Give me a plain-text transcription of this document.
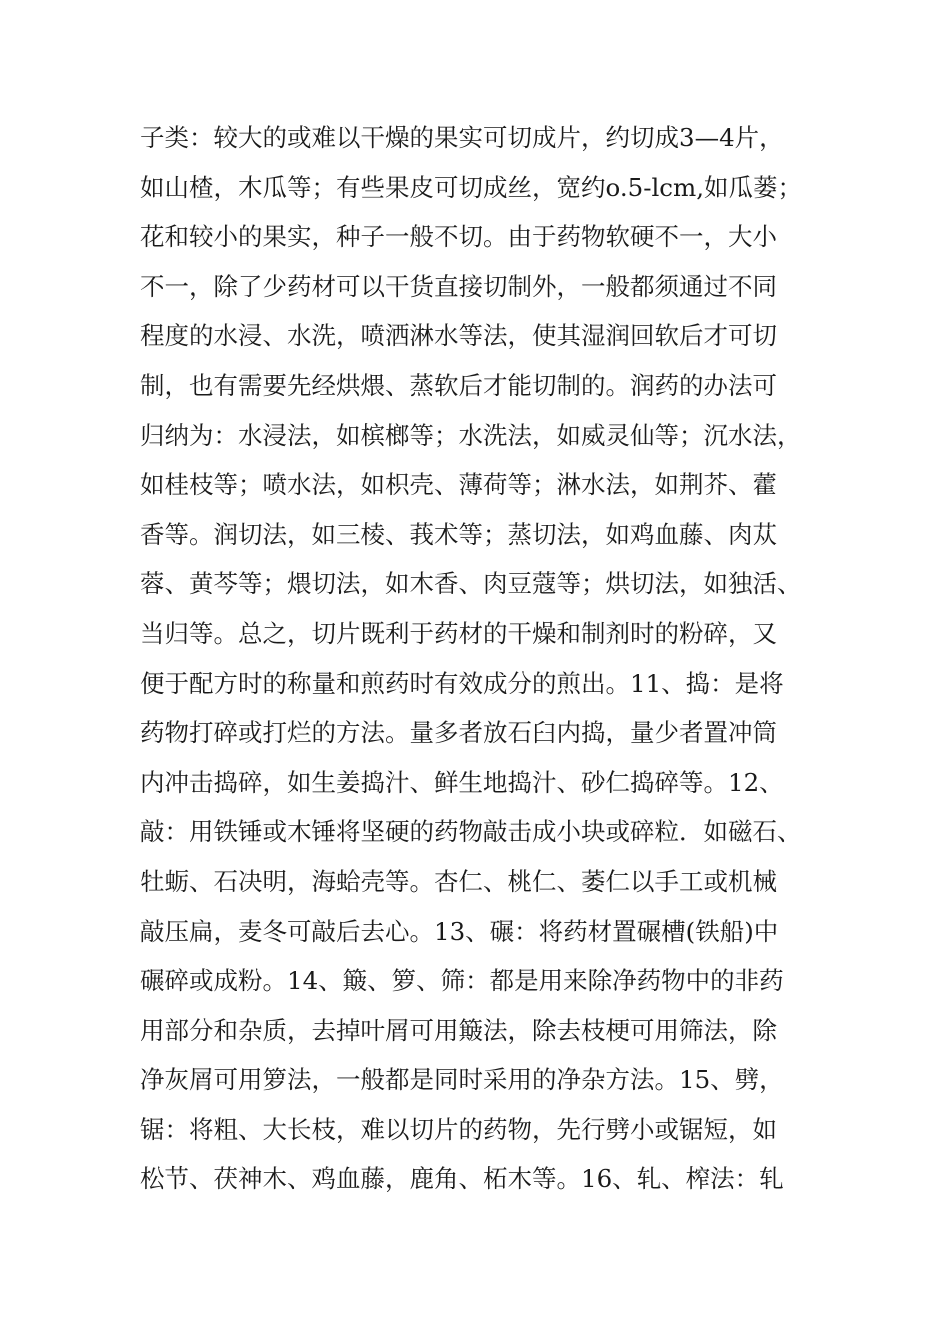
子类：较大的或难以干燥的果实可切成片，约切成3—4片，
如山楂，木瓜等；有些果皮可切成丝，宽约o.5-lcm,如瓜蒌；
花和较小的果实，种子一般不切。由于药物软硬不一，大小
不一，除了少药材可以干货直接切制外，一般都须通过不同
程度的水浸、水洗，喷洒淋水等法，使其湿润回软后才可切
制，也有需要先经烘煨、蒸软后才能切制的。润药的办法可
归纳为：水浸法，如槟榔等；水洗法，如威灵仙等；沉水法，
如桂枝等；喷水法，如枳壳、薄荷等；淋水法，如荆芥、藿
香等。润切法，如三棱、莪术等；蒸切法，如鸡血藤、肉苁
蓉、黄芩等；煨切法，如木香、肉豆蔻等；烘切法，如独活、
当归等。总之，切片既利于药材的干燥和制剂时的粉碎，又
便于配方时的称量和煎药时有效成分的煎出。11、捣：是将
药物打碎或打烂的方法。量多者放石臼内捣，量少者置冲筒
内冲击捣碎，如生姜捣汁、鲜生地捣汁、砂仁捣碎等。12、
敲：用铁锤或木锤将坚硬的药物敲击成小块或碎粒．如磁石、
牡蛎、石决明，海蛤壳等。杏仁、桃仁、萎仁以手工或机械
敲压扁，麦冬可敲后去心。13、碾：将药材置碾槽(铁船)中
碾碎或成粉。14、簸、箩、筛：都是用来除净药物中的非药
用部分和杂质，去掉叶屑可用簸法，除去枝梗可用筛法，除
净灰屑可用箩法，一般都是同时采用的净杂方法。15、劈，
锯：将粗、大长枝，难以切片的药物，先行劈小或锯短，如
松节、茯神木、鸡血藤，鹿角、柘木等。16、轧、榨法：轧
